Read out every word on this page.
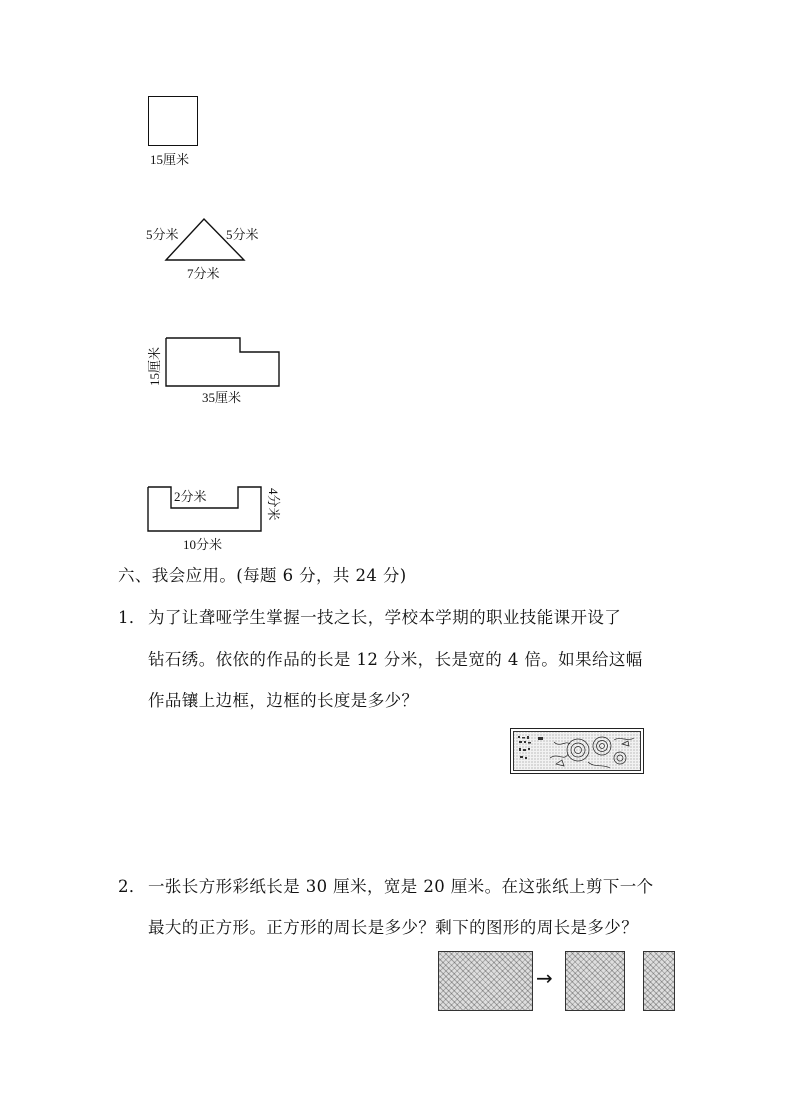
15厘米
5分米	5分米
7分米
15厘米
35厘米
2分米	4分米
10分米
六、我会应用。(每题 6 分，共 24 分)
1． 为了让聋哑学生掌握一技之长，学校本学期的职业技能课开设了
钻石绣。依依的作品的长是 12 分米，长是宽的 4 倍。如果给这幅
作品镶上边框，边框的长度是多少？
2． 一张长方形彩纸长是 30 厘米，宽是 20 厘米。在这张纸上剪下一个
最大的正方形。正方形的周长是多少？剩下的图形的周长是多少？
→
